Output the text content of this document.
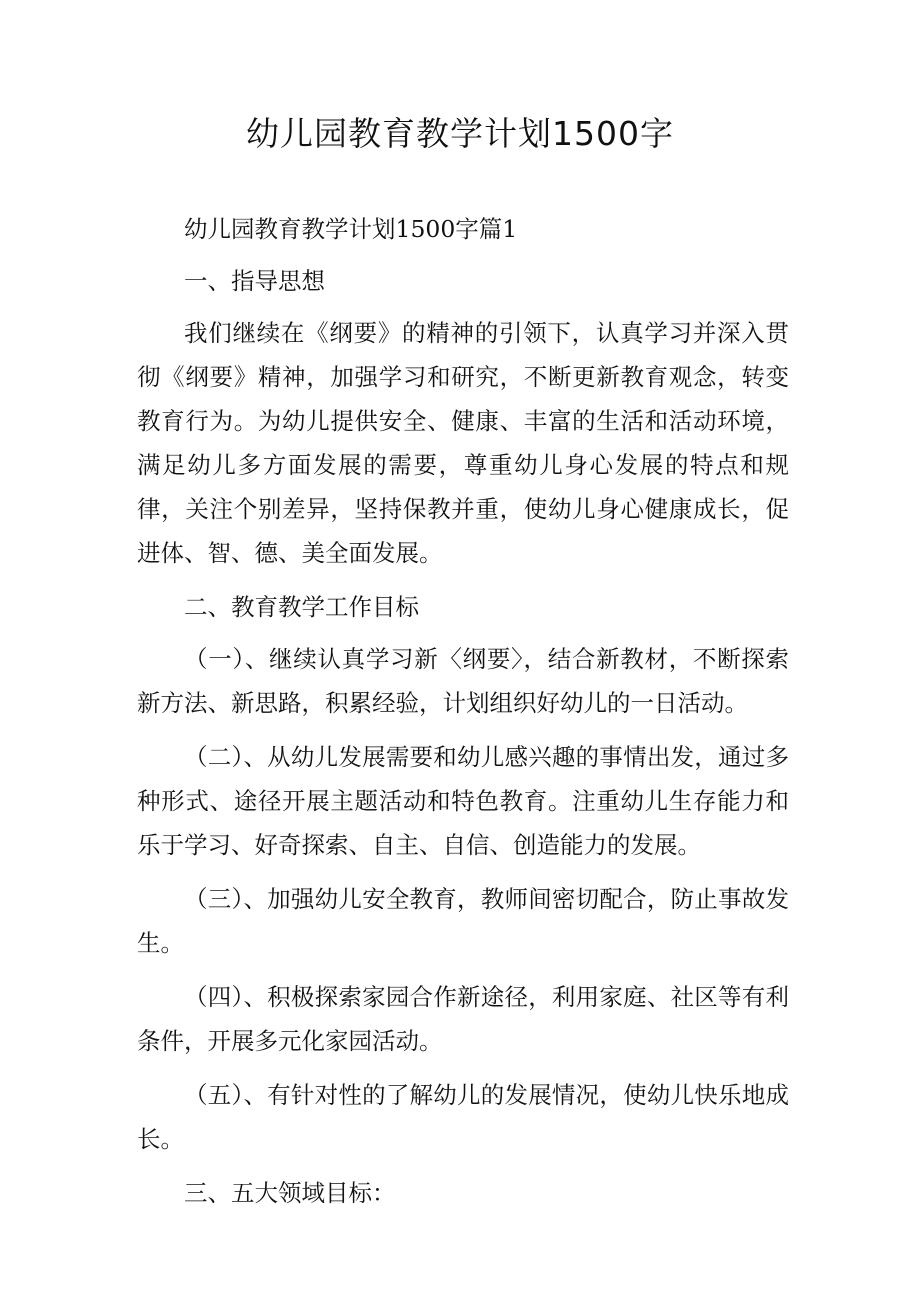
幼儿园教育教学计划1500字

幼儿园教育教学计划1500字篇1

一、指导思想

我们继续在《纲要》的精神的引领下，认真学习并深入贯彻《纲要》精神，加强学习和研究，不断更新教育观念，转变教育行为。为幼儿提供安全、健康、丰富的生活和活动环境，满足幼儿多方面发展的需要，尊重幼儿身心发展的特点和规律，关注个别差异，坚持保教并重，使幼儿身心健康成长，促进体、智、德、美全面发展。

二、教育教学工作目标

（一）、继续认真学习新〈纲要〉，结合新教材，不断探索新方法、新思路，积累经验，计划组织好幼儿的一日活动。

（二）、从幼儿发展需要和幼儿感兴趣的事情出发，通过多种形式、途径开展主题活动和特色教育。注重幼儿生存能力和乐于学习、好奇探索、自主、自信、创造能力的发展。

（三）、加强幼儿安全教育，教师间密切配合，防止事故发生。

（四）、积极探索家园合作新途径，利用家庭、社区等有利条件，开展多元化家园活动。

（五）、有针对性的了解幼儿的发展情况，使幼儿快乐地成长。

三、五大领域目标：
